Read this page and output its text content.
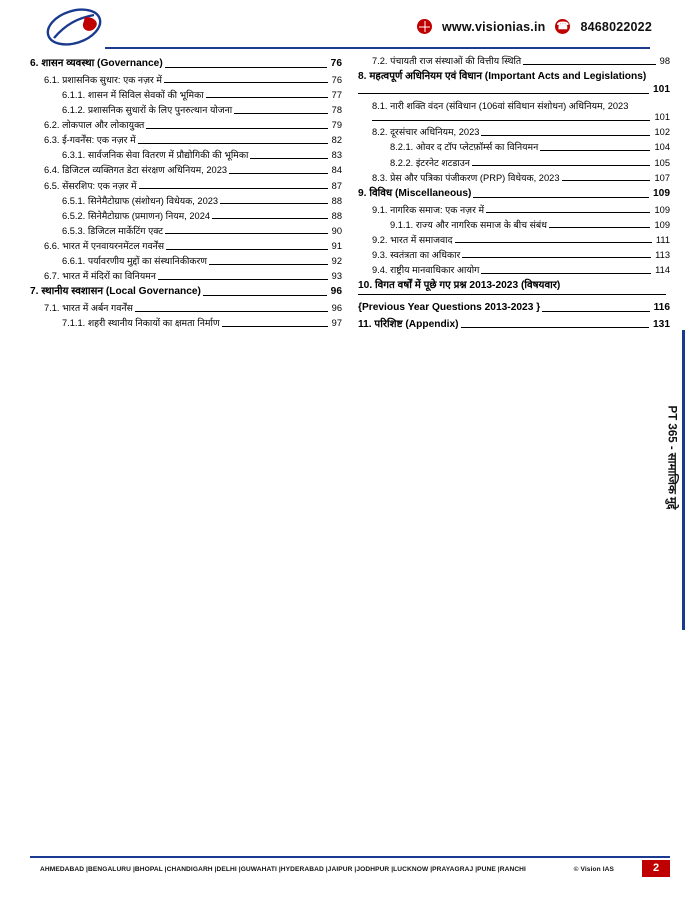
www.visionias.in ☎	8468022022
PT 365 - सामाजिक मुद्दे
6. शासन व्यवस्था (Governance)	76
6.1. प्रशासनिक सुधार: एक नज़र में	76
6.1.1. शासन में सिविल सेवकों की भूमिका	77
6.1.2. प्रशासनिक सुधारों के लिए पुनरुत्थान योजना	78
6.2. लोकपाल और लोकायुक्त	79
6.3. ई-गवर्नेंस: एक नज़र में	82
6.3.1. सार्वजनिक सेवा वितरण में प्रौद्योगिकी की भूमिका	83
6.4. डिजिटल व्यक्तिगत डेटा संरक्षण अधिनियम, 2023	84
6.5. सेंसरशिप: एक नज़र में	87
6.5.1. सिनेमैटोग्राफ (संशोधन) विधेयक, 2023	88
6.5.2. सिनेमैटोग्राफ (प्रमाणन) नियम, 2024	88
6.5.3. डिजिटल मार्केटिंग एक्ट	90
6.6. भारत में एनवायरनमेंटल गवर्नेंस	91
6.6.1. पर्यावरणीय मुद्दों का संस्थानिकीकरण	92
6.7. भारत में मंदिरों का विनियमन	93
7. स्थानीय स्वशासन (Local Governance)	96
7.1. भारत में अर्बन गवर्नेंस	96
7.1.1. शहरी स्थानीय निकायों का क्षमता निर्माण	97
7.2. पंचायती राज संस्थाओं की वित्तीय स्थिति	98
8. महत्वपूर्ण अधिनियम एवं विधान (Important Acts and Legislations)
101
8.1. नारी शक्ति वंदन (संविधान (106वां संविधान संशोधन) अधिनियम, 2023
101
8.2. दूरसंचार अधिनियम, 2023	102
8.2.1. ओवर द टॉप प्लेटफ़ॉर्म्स का विनियमन	104
8.2.2. इंटरनेट शटडाउन	105
8.3. प्रेस और पत्रिका पंजीकरण (PRP) विधेयक, 2023	107
9. विविध (Miscellaneous)	109
9.1. नागरिक समाज: एक नज़र में	109
9.1.1. राज्य और नागरिक समाज के बीच संबंध	109
9.2. भारत में समाजवाद	111
9.3. स्वतंत्रता का अधिकार	113
9.4. राष्ट्रीय मानवाधिकार आयोग	114
10. विगत वर्षों में पूछे गए प्रश्न 2013-2023 (विषयवार)
{Previous Year Questions 2013-2023 }	116
11. परिशिष्ट (Appendix)	131
AHMEDABAD |BENGALURU |BHOPAL |CHANDIGARH |DELHI |GUWAHATI |HYDERABAD |JAIPUR |JODHPUR |LUCKNOW |PRAYAGRAJ |PUNE |RANCHI	© Vision IAS	2
